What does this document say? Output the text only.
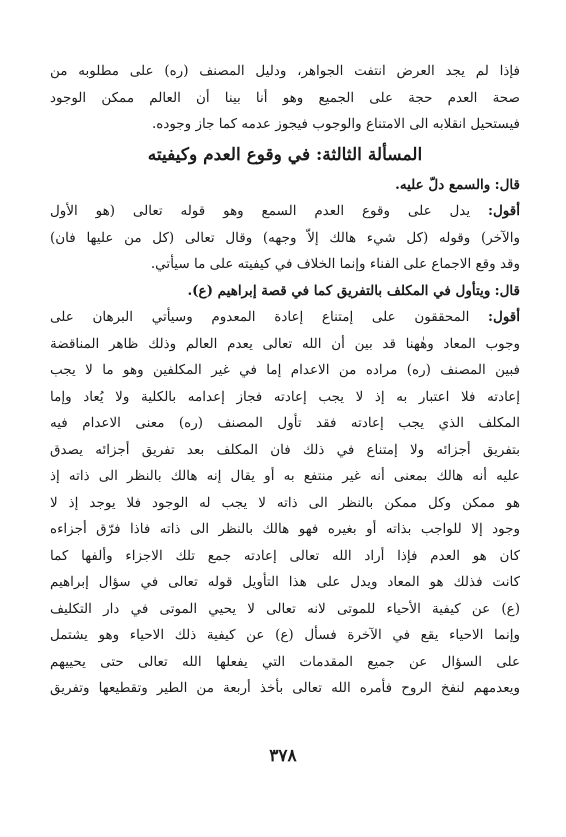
فإذا لم يجد العرض انتفت الجواهر، ودليل المصنف (ره) على مطلوبه من
صحة العدم حجة على الجميع وهو أنا بينا أن العالم ممكن الوجود
فيستحيل انقلابه الى الامتناع والوجوب فيجوز عدمه كما جاز وجوده.
المسألة الثالثة: في وقوع العدم وكيفيته
قال: والسمع دلّ عليه.
أقول: يدل على وقوع العدم السمع وهو قوله تعالى (هو الأول
والآخر) وقوله (كل شيء هالك إلاّ وجهه) وقال تعالى (كل من عليها فان)
وقد وقع الاجماع على الفناء وإنما الخلاف في كيفيته على ما سيأتي.
قال: ويتأول في المكلف بالتفريق كما في قصة إبراهيم (ع).
أقول: المحققون على إمتناع إعادة المعدوم وسيأتي البرهان على
وجوب المعاد وهٰهنا قد بين أن الله تعالى يعدم العالم وذلك ظاهر المناقضة
فبين المصنف (ره) مراده من الاعدام إما في غير المكلفين وهو ما لا يجب
إعادته فلا اعتبار به إذ لا يجب إعادته فجاز إعدامه بالكلية ولا يُعاد وإما
المكلف الذي يجب إعادته فقد تأول المصنف (ره) معنى الاعدام فيه
بتفريق أجزائه ولا إمتناع في ذلك فان المكلف بعد تفريق أجزائه يصدق
عليه أنه هالك بمعنى أنه غير منتفع به أو يقال إنه هالك بالنظر الى ذاته إذ
هو ممكن وكل ممكن بالنظر الى ذاته لا يجب له الوجود فلا يوجد إذ لا
وجود إلا للواجب بذاته أو بغيره فهو هالك بالنظر الى ذاته فاذا فرّق أجزاءه
كان هو العدم فإذا أراد الله تعالى إعادته جمع تلك الاجزاء وألفها كما
كانت فذلك هو المعاد ويدل على هذا التأويل قوله تعالى في سؤال إبراهيم
(ع) عن كيفية الأحياء للموتى لانه تعالى لا يحيي الموتى في دار التكليف
وإنما الاحياء يقع في الآخرة فسأل (ع) عن كيفية ذلك الاحياء وهو يشتمل
على السؤال عن جميع المقدمات التي يفعلها الله تعالى حتى يحييهم
ويعدمهم لنفخ الروح فأمره الله تعالى بأخذ أربعة من الطير وتقطيعها وتفريق
٣٧٨
